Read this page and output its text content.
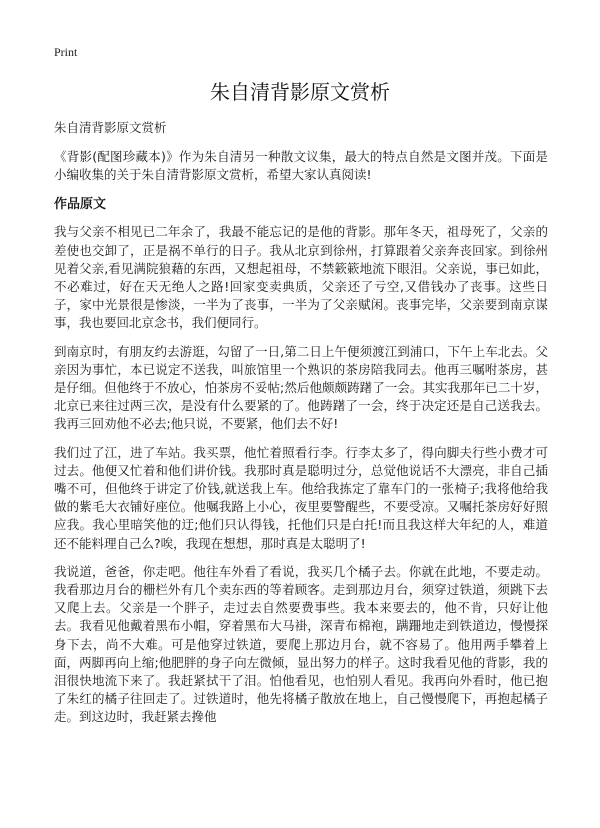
Print
朱自清背影原文赏析
朱自清背影原文赏析

《背影(配图珍藏本)》作为朱自清另一种散文议集，最大的特点自然是文图并茂。下面是小编收集的关于朱自清背影原文赏析，希望大家认真阅读!

作品原文

我与父亲不相见已二年余了，我最不能忘记的是他的背影。那年冬天，祖母死了，父亲的差使也交卸了，正是祸不单行的日子。我从北京到徐州，打算跟着父亲奔丧回家。到徐州见着父亲,看见满院狼藉的东西，又想起祖母，不禁簌簌地流下眼泪。父亲说，事已如此，不必难过，好在天无绝人之路!回家变卖典质，父亲还了亏空,又借钱办了丧事。这些日子，家中光景很是惨淡，一半为了丧事，一半为了父亲赋闲。丧事完毕，父亲要到南京谋事，我也要回北京念书，我们便同行。

到南京时，有朋友约去游逛，勾留了一日,第二日上午便须渡江到浦口，下午上车北去。父亲因为事忙，本已说定不送我，叫旅馆里一个熟识的茶房陪我同去。他再三嘱咐茶房，甚是仔细。但他终于不放心，怕茶房不妥帖;然后他颇颇踌躇了一会。其实我那年已二十岁，北京已来往过两三次，是没有什么要紧的了。他踌躇了一会，终于决定还是自己送我去。我再三回劝他不必去;他只说，不要紧，他们去不好!

我们过了江，进了车站。我买票，他忙着照看行李。行李太多了，得向脚夫行些小费才可过去。他便又忙着和他们讲价钱。我那时真是聪明过分，总觉他说话不大漂亮，非自己插嘴不可，但他终于讲定了价钱,就送我上车。他给我拣定了靠车门的一张椅子;我将他给我做的紫毛大衣铺好座位。他嘱我路上小心，夜里要警醒些，不要受凉。又嘱托茶房好好照应我。我心里暗笑他的迂;他们只认得钱，托他们只是白托!而且我这样大年纪的人，难道还不能料理自己么?唉，我现在想想，那时真是太聪明了!

我说道，爸爸，你走吧。他往车外看了看说，我买几个橘子去。你就在此地，不要走动。我看那边月台的栅栏外有几个卖东西的等着顾客。走到那边月台，须穿过铁道，须跳下去又爬上去。父亲是一个胖子，走过去自然要费事些。我本来要去的，他不肯，只好让他去。我看见他戴着黑布小帽，穿着黑布大马褂，深青布棉袍，蹒跚地走到铁道边，慢慢探身下去，尚不大难。可是他穿过铁道，要爬上那边月台，就不容易了。他用两手攀着上面，两脚再向上缩;他肥胖的身子向左微倾，显出努力的样子。这时我看见他的背影，我的泪很快地流下来了。我赶紧拭干了泪。怕他看见，也怕别人看见。我再向外看时，他已抱了朱红的橘子往回走了。过铁道时，他先将橘子散放在地上，自己慢慢爬下，再抱起橘子走。到这边时，我赶紧去搀他
